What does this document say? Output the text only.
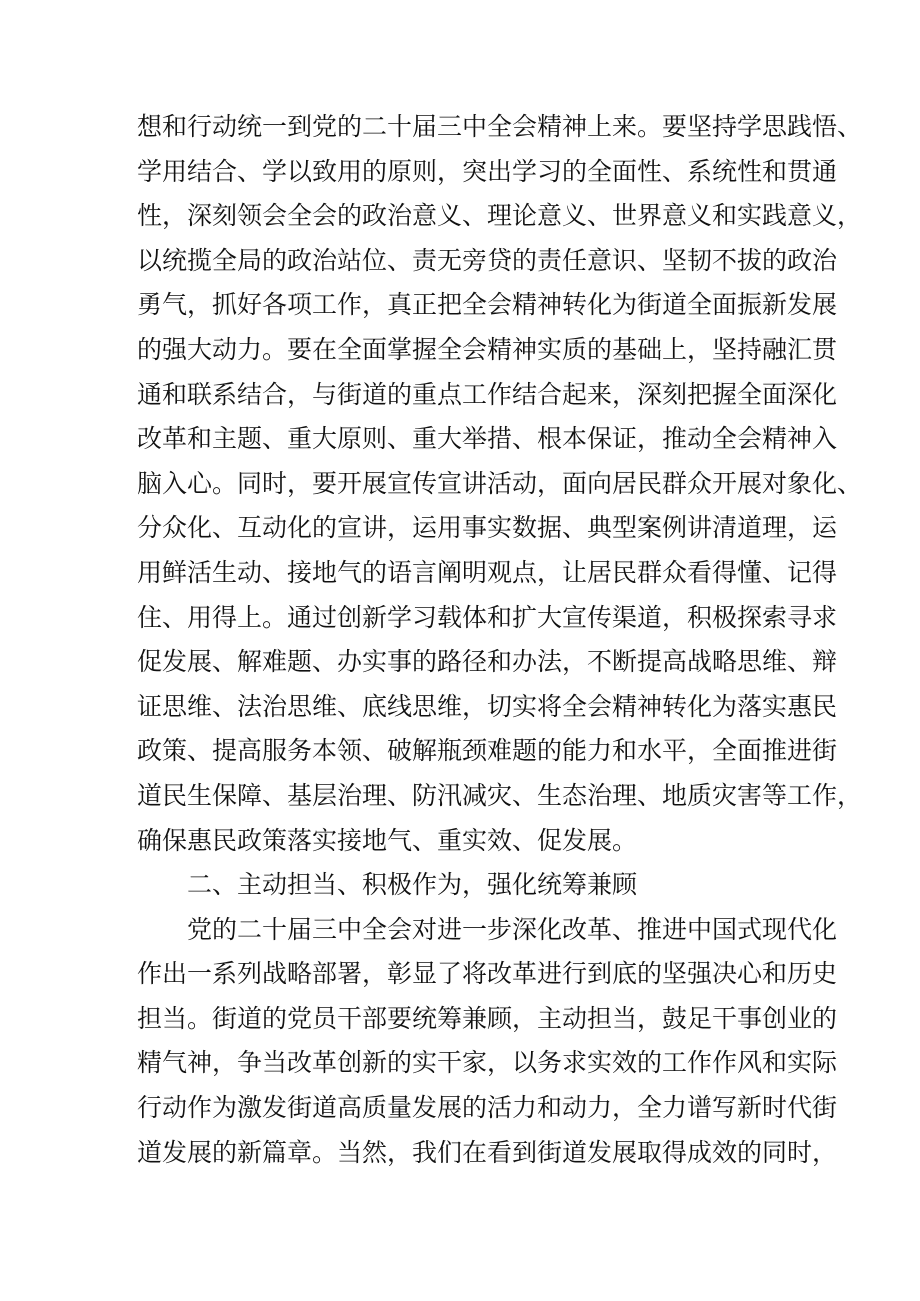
想和行动统一到党的二十届三中全会精神上来。要坚持学思践悟、
学用结合、学以致用的原则，突出学习的全面性、系统性和贯通
性，深刻领会全会的政治意义、理论意义、世界意义和实践意义，
以统揽全局的政治站位、责无旁贷的责任意识、坚韧不拔的政治
勇气，抓好各项工作，真正把全会精神转化为街道全面振新发展
的强大动力。要在全面掌握全会精神实质的基础上，坚持融汇贯
通和联系结合，与街道的重点工作结合起来，深刻把握全面深化
改革和主题、重大原则、重大举措、根本保证，推动全会精神入
脑入心。同时，要开展宣传宣讲活动，面向居民群众开展对象化、
分众化、互动化的宣讲，运用事实数据、典型案例讲清道理，运
用鲜活生动、接地气的语言阐明观点，让居民群众看得懂、记得
住、用得上。通过创新学习载体和扩大宣传渠道，积极探索寻求
促发展、解难题、办实事的路径和办法，不断提高战略思维、辩
证思维、法治思维、底线思维，切实将全会精神转化为落实惠民
政策、提高服务本领、破解瓶颈难题的能力和水平，全面推进街
道民生保障、基层治理、防汛减灾、生态治理、地质灾害等工作，
确保惠民政策落实接地气、重实效、促发展。
二、主动担当、积极作为，强化统筹兼顾
党的二十届三中全会对进一步深化改革、推进中国式现代化
作出一系列战略部署，彰显了将改革进行到底的坚强决心和历史
担当。街道的党员干部要统筹兼顾，主动担当，鼓足干事创业的
精气神，争当改革创新的实干家，以务求实效的工作作风和实际
行动作为激发街道高质量发展的活力和动力，全力谱写新时代街
道发展的新篇章。当然，我们在看到街道发展取得成效的同时，
